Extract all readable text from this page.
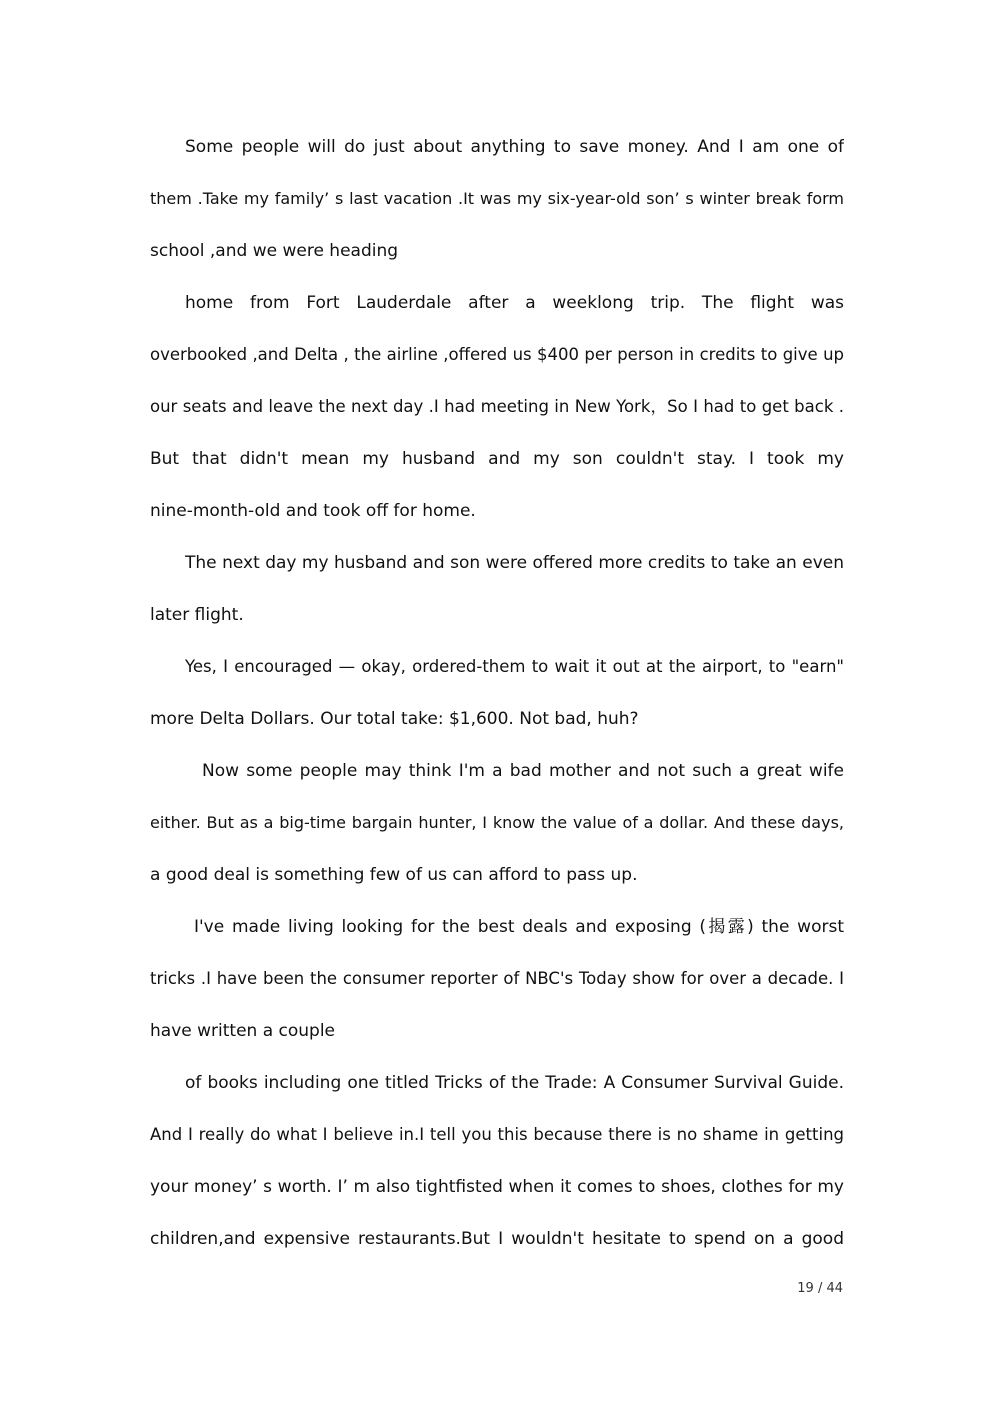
Some people will do just about anything to save money. And I am one of
them .Take my family’ s last vacation .It was my six-year-old son’ s winter break form
school ,and we were heading
home from Fort Lauderdale after a weeklong trip. The flight was
overbooked ,and Delta , the airline ,offered us $400 per person in credits to give up
our seats and leave the next day .I had meeting in New York，So I had to get back .
But that didn't mean my husband and my son couldn't stay. I took my
nine-month-old and took off for home.
The next day my husband and son were offered more credits to take an even
later flight.
Yes, I encouraged — okay, ordered-them to wait it out at the airport, to "earn"
more Delta Dollars. Our total take: $1,600. Not bad, huh?
Now some people may think I'm a bad mother and not such a great wife
either. But as a big-time bargain hunter, I know the value of a dollar. And these days,
a good deal is something few of us can afford to pass up.
I've made living looking for the best deals and exposing (揭露) the worst
tricks .I have been the consumer reporter of NBC's Today show for over a decade. I
have written a couple
of books including one titled Tricks of the Trade: A Consumer Survival Guide.
And I really do what I believe in.I tell you this because there is no shame in getting
your money’ s worth. I’ m also tightfisted when it comes to shoes, clothes for my
children,and expensive restaurants.But I wouldn't hesitate to spend on a good
19 / 44
